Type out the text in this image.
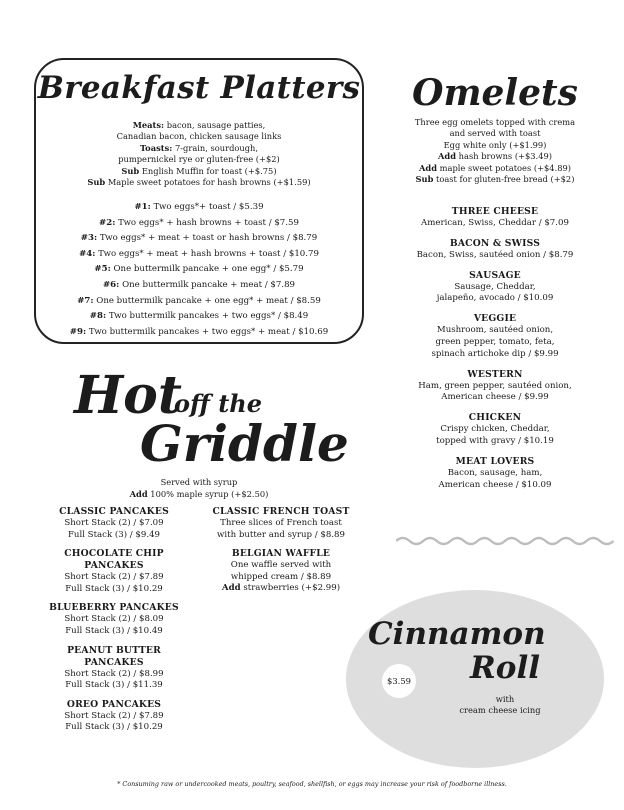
Breakfast Platters
Meats: bacon, sausage patties,
Canadian bacon, chicken sausage links
Toasts: 7-grain, sourdough,
pumpernickel rye or gluten-free (+$2)
Sub English Muffin for toast (+$.75)
Sub Maple sweet potatoes for hash browns (+$1.59)
#1: Two eggs*+ toast / $5.39
#2: Two eggs* + hash browns + toast / $7.59
#3: Two eggs* + meat + toast or hash browns / $8.79
#4: Two eggs* + meat + hash browns + toast / $10.79
#5: One buttermilk pancake + one egg* / $5.79
#6: One buttermilk pancake + meat / $7.89
#7: One buttermilk pancake + one egg* + meat / $8.59
#8: Two buttermilk pancakes + two eggs* / $8.49
#9: Two buttermilk pancakes + two eggs* + meat / $10.69
Omelets
Three egg omelets topped with crema
and served with toast
Egg white only (+$1.99)
Add hash browns (+$3.49)
Add maple sweet potatoes (+$4.89)
Sub toast for gluten-free bread (+$2)
THREE CHEESE
American, Swiss, Cheddar / $7.09
BACON & SWISS
Bacon, Swiss, sautéed onion / $8.79
SAUSAGE
Sausage, Cheddar,
jalapeño, avocado / $10.09
VEGGIE
Mushroom, sautéed onion,
green pepper, tomato, feta,
spinach artichoke dip / $9.99
WESTERN
Ham, green pepper, sautéed onion,
American cheese / $9.99
CHICKEN
Crispy chicken, Cheddar,
topped with gravy / $10.19
MEAT LOVERS
Bacon, sausage, ham,
American cheese / $10.09
Hot
off the
Griddle
Served with syrup
Add 100% maple syrup (+$2.50)
CLASSIC PANCAKES
Short Stack (2) / $7.09
Full Stack (3) / $9.49
CHOCOLATE CHIP
PANCAKES
Short Stack (2) / $7.89
Full Stack (3) / $10.29
BLUEBERRY PANCAKES
Short Stack (2) / $8.09
Full Stack (3) / $10.49
PEANUT BUTTER
PANCAKES
Short Stack (2) / $8.99
Full Stack (3) / $11.39
OREO PANCAKES
Short Stack (2) / $7.89
Full Stack (3) / $10.29
CLASSIC FRENCH TOAST
Three slices of French toast
with butter and syrup / $8.89
BELGIAN WAFFLE
One waffle served with
whipped cream / $8.89
Add strawberries (+$2.99)
Cinnamon
Roll
$3.59
with
cream cheese icing
* Consuming raw or undercooked meats, poultry, seafood, shellfish, or eggs may increase your risk of foodborne illness.
